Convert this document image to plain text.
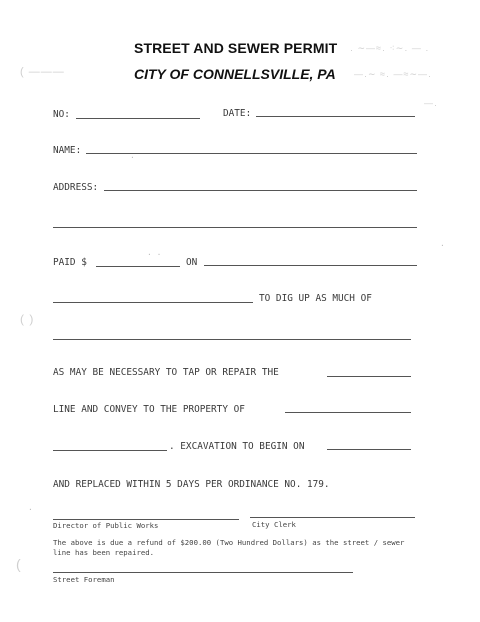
STREET AND SEWER PERMIT
CITY OF CONNELLSVILLE, PA
․ ∼—≈․ ⁖∼․ — ․
—․∼ ≈․ —≈∼—․
( ———
( )
(
—․
NO:	DATE:
NAME:
ADDRESS:
PAID $	ON
TO DIG UP AS MUCH OF
AS MAY BE NECESSARY TO TAP OR REPAIR THE
LINE AND CONVEY TO THE PROPERTY OF
. EXCAVATION TO BEGIN ON
AND REPLACED WITHIN 5 DAYS PER ORDINANCE NO. 179.
Director of Public Works	City Clerk
The above is due a refund of $200.00 (Two Hundred Dollars) as the street / sewer line has been repaired.
Street Foreman
·
· ·
·
·
